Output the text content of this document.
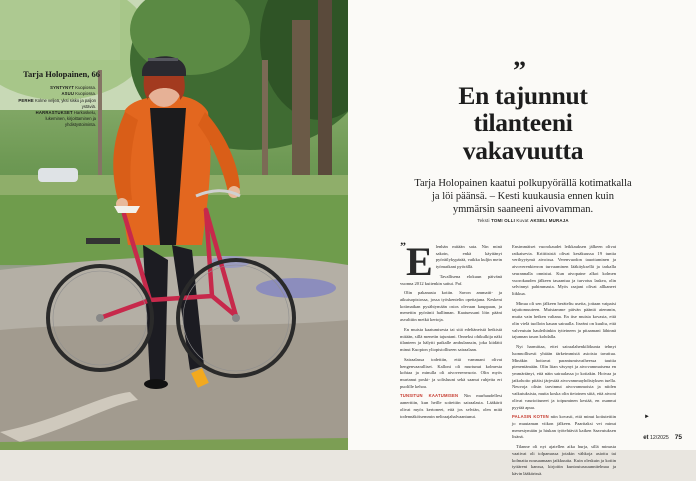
Tarja Holopainen, 66
SYNTYNYT Kuopiossa.
ASUU Kuopiossa.
PERHE Kolme veljeä, yksi sisko ja paljon ystäviä.
HARRASTUKSET Harkoskelu, lukeminen, kirjoittaminen ja yhdistystoiminta.
”
En tajunnut tilanteeni vakavuutta

Tarja Holopainen kaatui polkupyörällä kotimatkalla ja löi päänsä. – Kesti kuukausia ennen kuin ymmärsin saaneeni aivovamman.

Teksti TOMI OLLI Kuvat AKSELI MURAJA
” Elenhän mitään sata. Nin minä sakoin, enkä käyttänyt pyöräilykypärää, vaikka kuljin mein työmatkani pyörällä.

Tavallisena elokuun päivänä vuonna 2012 kuitenkin sattui. Paf.

Olin pakanasta kotiin. Savon ammatti- ja aikuisopistossa, jossa työskentelin opettajana. Keskeni kotimatkan pysähtymään ostos olevaan kauppaan, ja menettin pyöränii hallinnan. Kaatuessani löin pääni asvalttiin metkä kertoja.

En muista kaatumisesta tai sitä edeltäneistä hetkistä mitään, sillä menetin tajuntani. Onneksi ohikulkija näki tilanteen ja hälytti paikalle ambulanssin, joka kiidätti minut Kuopion yliopistolliseen sairaalaan.

Sairaalassa todettiin, että vammani olivat hengenvaaralliset. Kalloni oli murtunut kolmesta kohtaa ja minulla oli aivoverenvuoto. Olin myös murtanut poski- ja solisluuni sekä saanut ruhjeita eri puolille kehoa.

TUNSITUN KAATUMISEN Nin murhaudellest aanerttiin, kun heille soitettiin sairaalasta. Lääkärit olivat myös kertoneet, että jos selviän, olen mitä todennäköisemmin neliraajahalvaantunut.

Ensimmäiset vuorokaudet leikkauksen jälkeen olivat ratkaisevia. Kriittisistä olivat kesäkuussa 19 tuntia verihyytymä aivoissa. Verenvuodon tauottaminen ja aivoverenkierron turvaaminen lääkityksellä ja tarkalla seurannalla onnistui. Kun aivopaine alkoi kolmen vuorokauden jälkeen tasaantua ja turvotus laskea, olin selvinnyt pahimmasta. Myös raajani olivat allkaneet liikkua.

Minua oli sen jälkeen heräteltu useita, jottaan vaipaisi tajuttomuuteen. Muistamme päivän pääntä aiemmin, mutta vain hetken valtana. En itse muista kovasta, että olin vielä tuolloin kauan sairaalla. Itseäni on kuultu, että valveutuin hauleihinkin tytteineen ja pitaamani lähinnä tajunnan tason kohdalla.

Nyt harmittaa, ettei sairaalahenkilökunta tehnyt luonnollisesti yhtään tärkeimmistä asioista tavattua. Minäkin hoitavat parantumisvaiheessa tauttia pienentämään. Olin liian väsynyt ja aivovammaisena en ymmärtänyt, että näin sairaalassa jo kotiakin. Hoivaa ja jatkohoito pitäisi järjestää aivovammayhdistyksen tuella. Neuvoja olisin tarvinnut aivovammoista ja niiden vaikutuksista, mutta koska olin tietoinen siitä, että aivoni olivat vaurioituneet ja toipuminen kestää, en osannut pyytää apua.

PALASIN KOTIIN niin kovasti, että minut kotiutettiin jo muutaman viikon jälkeen. Paaritaksi vei minut menestymään ja hiukan työtehtäviä kaiken Saavutuksen lisänä.

Tilanne oli nyt ajatellen aika hurja, sillä minusta vaativat oli tolpamassa jotakin vähkoja asiottu tai kolmatta nousaamaan jaikkuutta. Kuin oleskuin ja kotiin tyttäreni kanssa, kirjoitin kuntoutussuunnitelmaa ja kävin lääkärissä.

►
et 12/2025 75
